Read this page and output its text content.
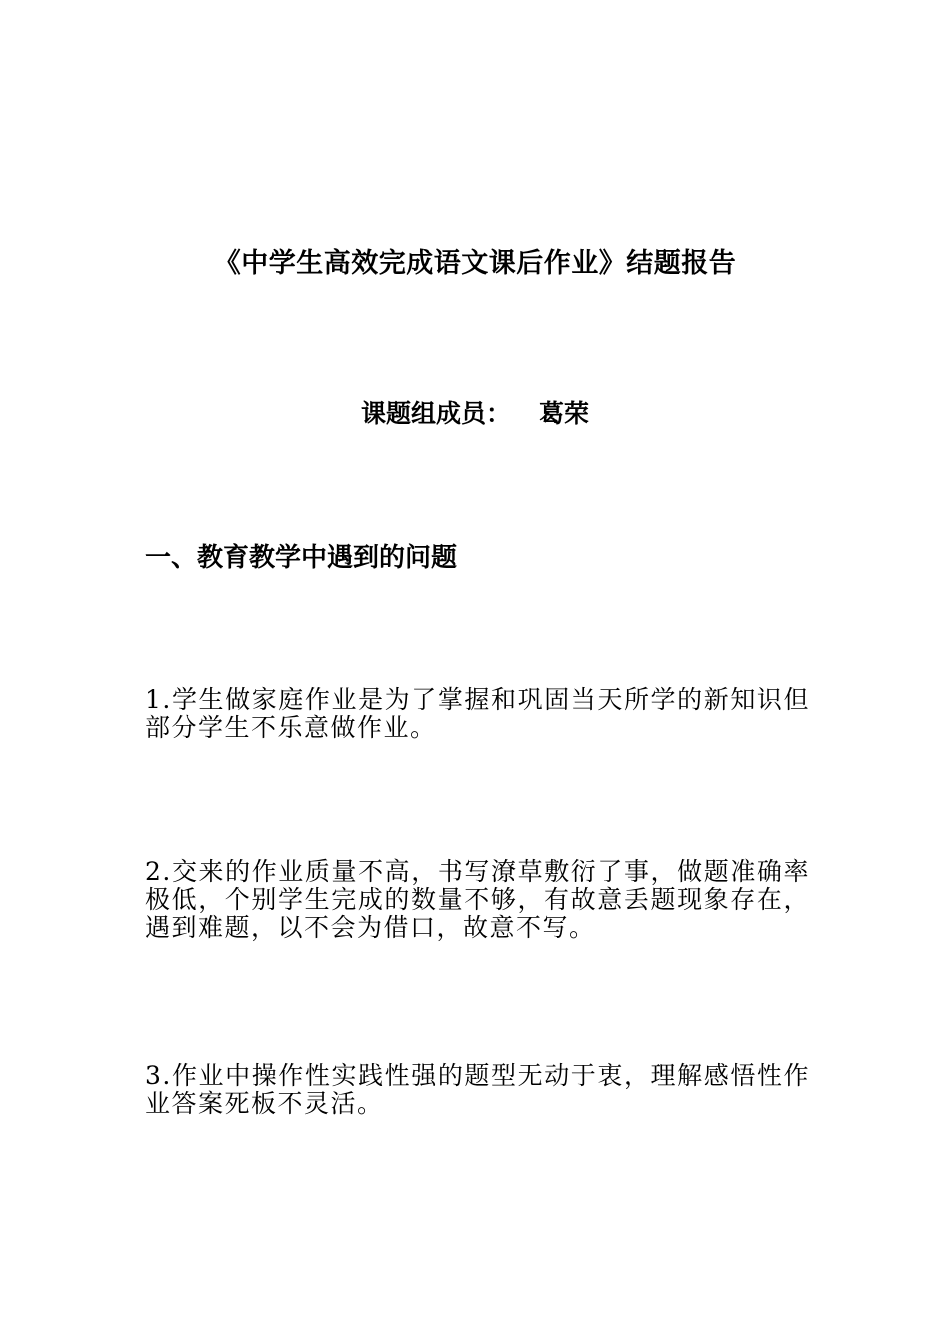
《中学生高效完成语文课后作业》结题报告
课题组成员： 葛荣
一、教育教学中遇到的问题
1.学生做家庭作业是为了掌握和巩固当天所学的新知识但部分学生不乐意做作业。
2.交来的作业质量不高，书写潦草敷衍了事，做题准确率极低，个别学生完成的数量不够，有故意丢题现象存在，遇到难题，以不会为借口，故意不写。
3.作业中操作性实践性强的题型无动于衷，理解感悟性作业答案死板不灵活。
